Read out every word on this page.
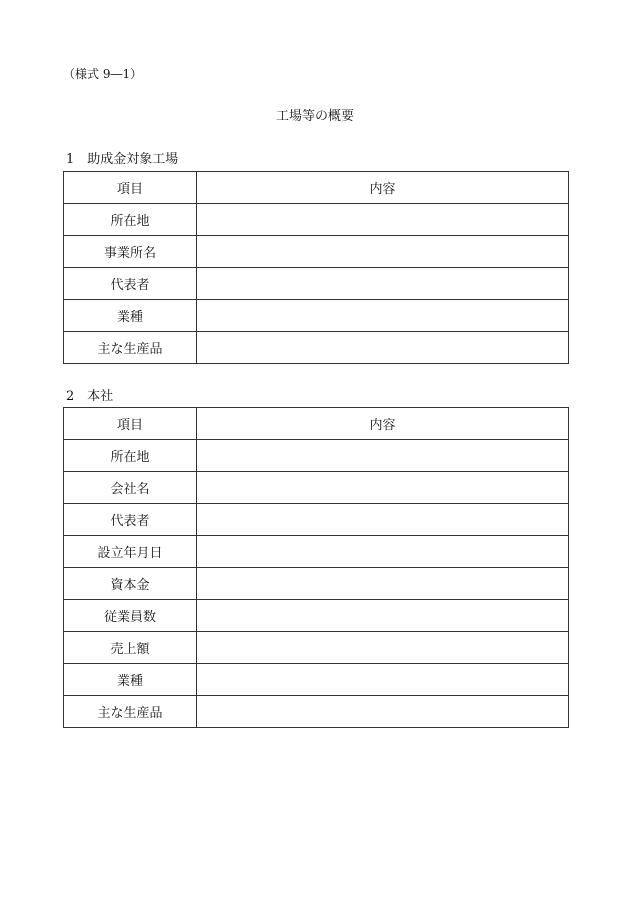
（様式 9―1）
工場等の概要
1　助成金対象工場
項目	内容
所在地	
事業所名	
代表者	
業種	
主な生産品	
2　本社
項目	内容
所在地	
会社名	
代表者	
設立年月日	
資本金	
従業員数	
売上額	
業種	
主な生産品	
